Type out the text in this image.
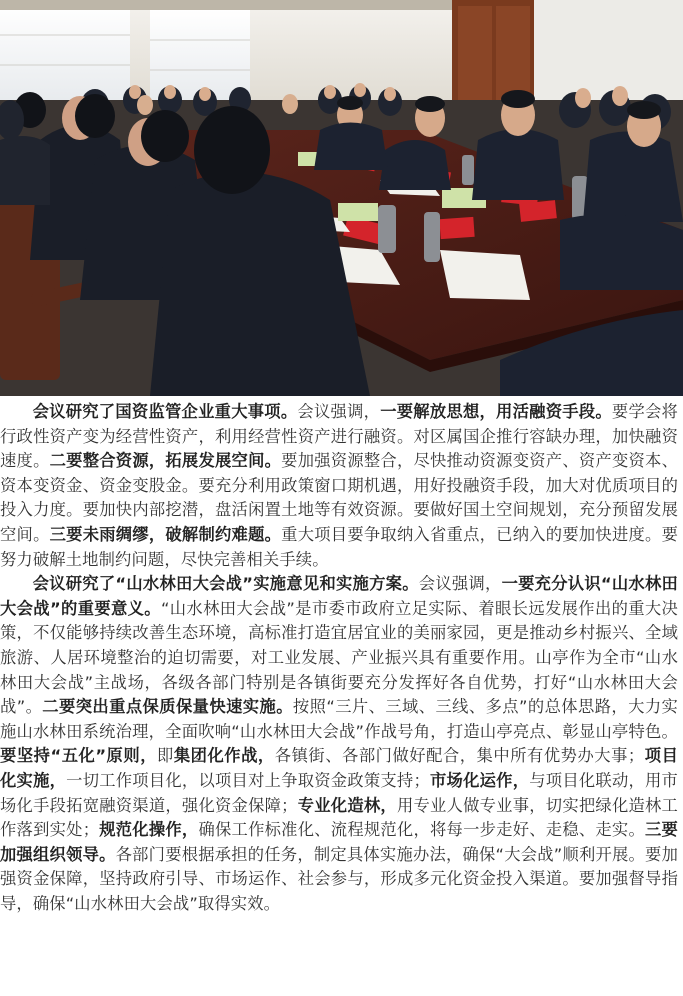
会议研究了国资监管企业重大事项。会议强调，一要解放思想，用活融资手段。要学会将行政性资产变为经营性资产，利用经营性资产进行融资。对区属国企推行容缺办理，加快融资速度。二要整合资源，拓展发展空间。要加强资源整合，尽快推动资源变资产、资产变资本、资本变资金、资金变股金。要充分利用政策窗口期机遇，用好投融资手段，加大对优质项目的投入力度。要加快内部挖潜，盘活闲置土地等有效资源。要做好国土空间规划，充分预留发展空间。三要未雨绸缪，破解制约难题。重大项目要争取纳入省重点，已纳入的要加快进度。要努力破解土地制约问题，尽快完善相关手续。

会议研究了“山水林田大会战”实施意见和实施方案。会议强调，一要充分认识“山水林田大会战”的重要意义。“山水林田大会战”是市委市政府立足实际、着眼长远发展作出的重大决策，不仅能够持续改善生态环境，高标准打造宜居宜业的美丽家园，更是推动乡村振兴、全域旅游、人居环境整治的迫切需要，对工业发展、产业振兴具有重要作用。山亭作为全市“山水林田大会战”主战场，各级各部门特别是各镇街要充分发挥好各自优势，打好“山水林田大会战”。二要突出重点保质保量快速实施。按照“三片、三域、三线、多点”的总体思路，大力实施山水林田系统治理，全面吹响“山水林田大会战”作战号角，打造山亭亮点、彰显山亭特色。要坚持“五化”原则，即集团化作战，各镇街、各部门做好配合，集中所有优势办大事；项目化实施，一切工作项目化，以项目对上争取资金政策支持；市场化运作，与项目化联动，用市场化手段拓宽融资渠道，强化资金保障；专业化造林，用专业人做专业事，切实把绿化造林工作落到实处；规范化操作，确保工作标准化、流程规范化，将每一步走好、走稳、走实。三要加强组织领导。各部门要根据承担的任务，制定具体实施办法，确保“大会战”顺利开展。要加强资金保障，坚持政府引导、市场运作、社会参与，形成多元化资金投入渠道。要加强督导指导，确保“山水林田大会战”取得实效。
